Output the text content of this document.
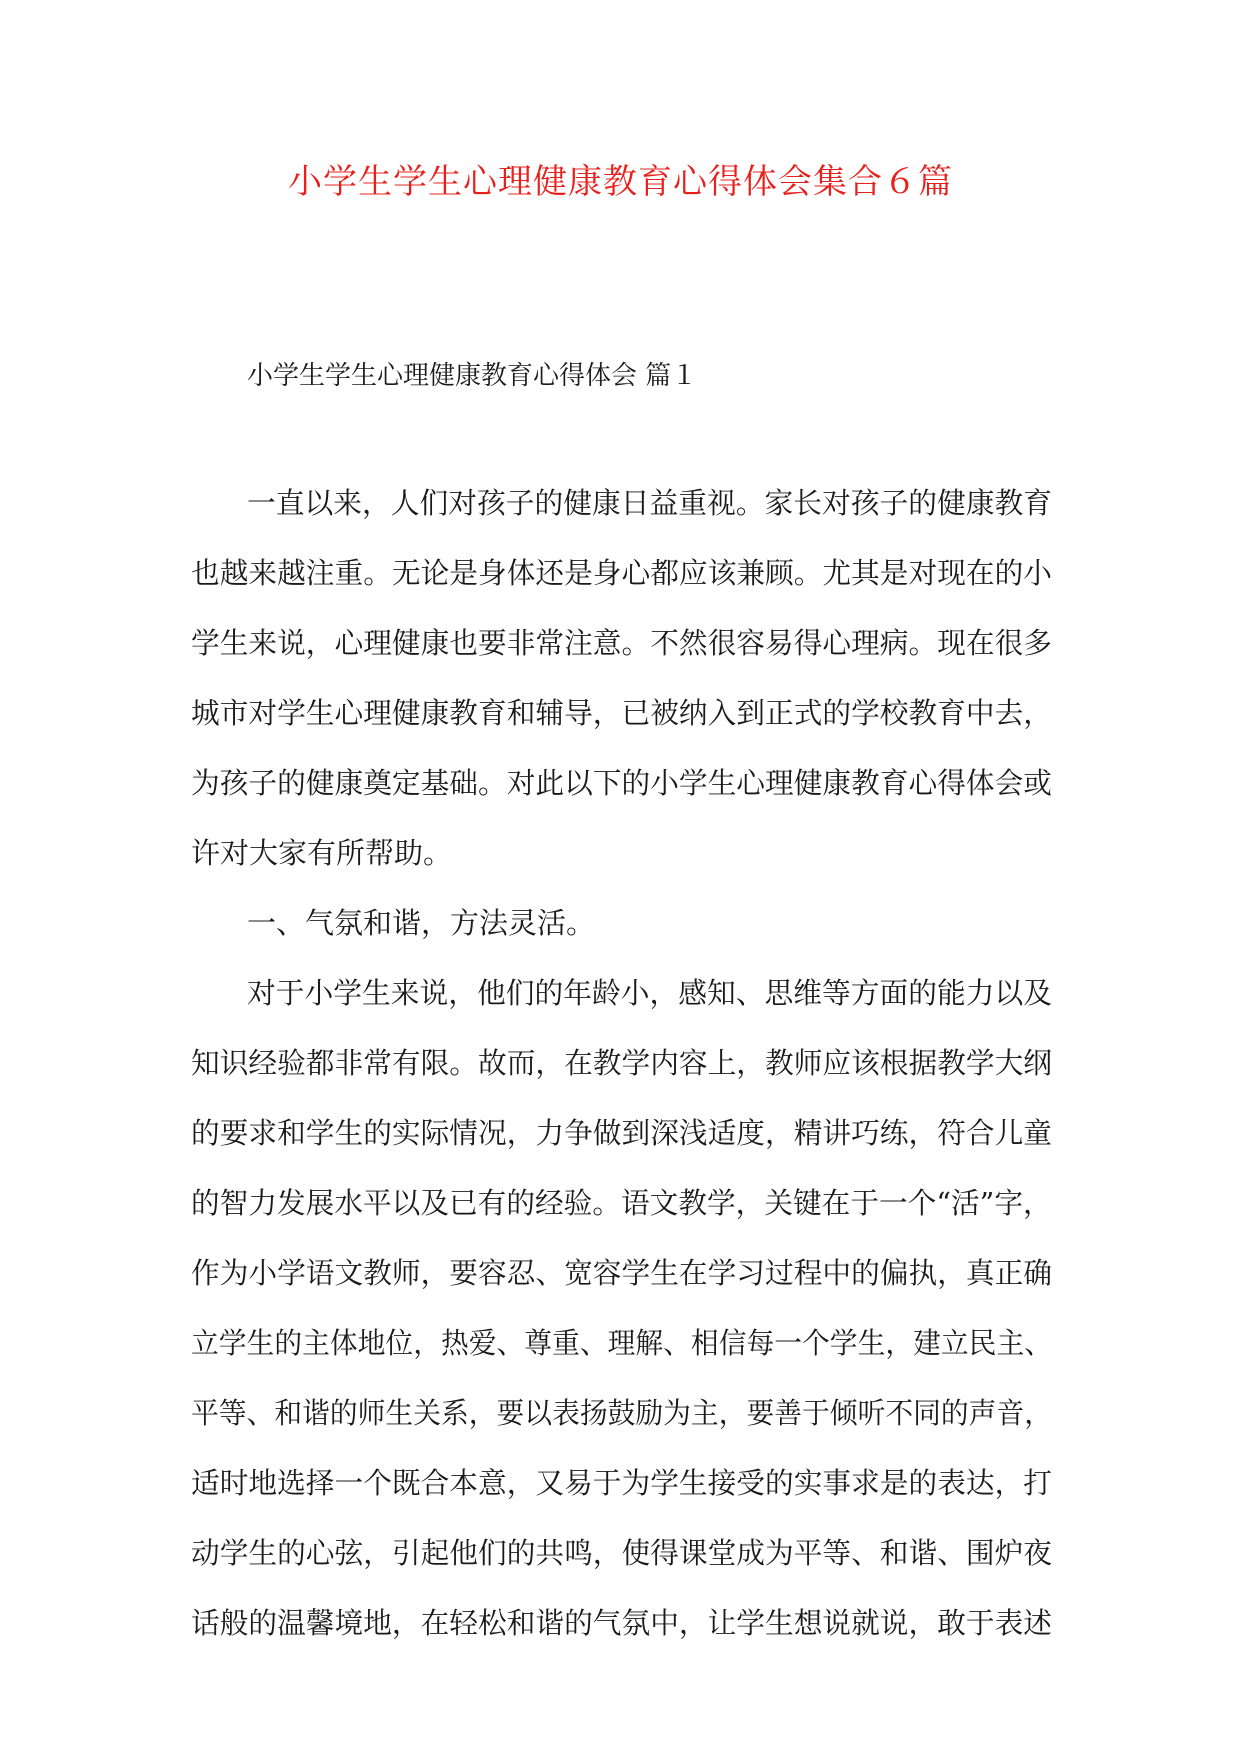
小学生学生心理健康教育心得体会集合６篇
小学生学生心理健康教育心得体会 篇１
一直以来，人们对孩子的健康日益重视。家长对孩子的健康教育
也越来越注重。无论是身体还是身心都应该兼顾。尤其是对现在的小
学生来说，心理健康也要非常注意。不然很容易得心理病。现在很多
城市对学生心理健康教育和辅导，已被纳入到正式的学校教育中去，
为孩子的健康奠定基础。对此以下的小学生心理健康教育心得体会或
许对大家有所帮助。
一、气氛和谐，方法灵活。
对于小学生来说，他们的年龄小，感知、思维等方面的能力以及
知识经验都非常有限。故而，在教学内容上，教师应该根据教学大纲
的要求和学生的实际情况，力争做到深浅适度，精讲巧练，符合儿童
的智力发展水平以及已有的经验。语文教学，关键在于一个“活”字，
作为小学语文教师，要容忍、宽容学生在学习过程中的偏执，真正确
立学生的主体地位，热爱、尊重、理解、相信每一个学生，建立民主、
平等、和谐的师生关系，要以表扬鼓励为主，要善于倾听不同的声音，
适时地选择一个既合本意，又易于为学生接受的实事求是的表达，打
动学生的心弦，引起他们的共鸣，使得课堂成为平等、和谐、围炉夜
话般的温馨境地，在轻松和谐的气氛中，让学生想说就说，敢于表述
